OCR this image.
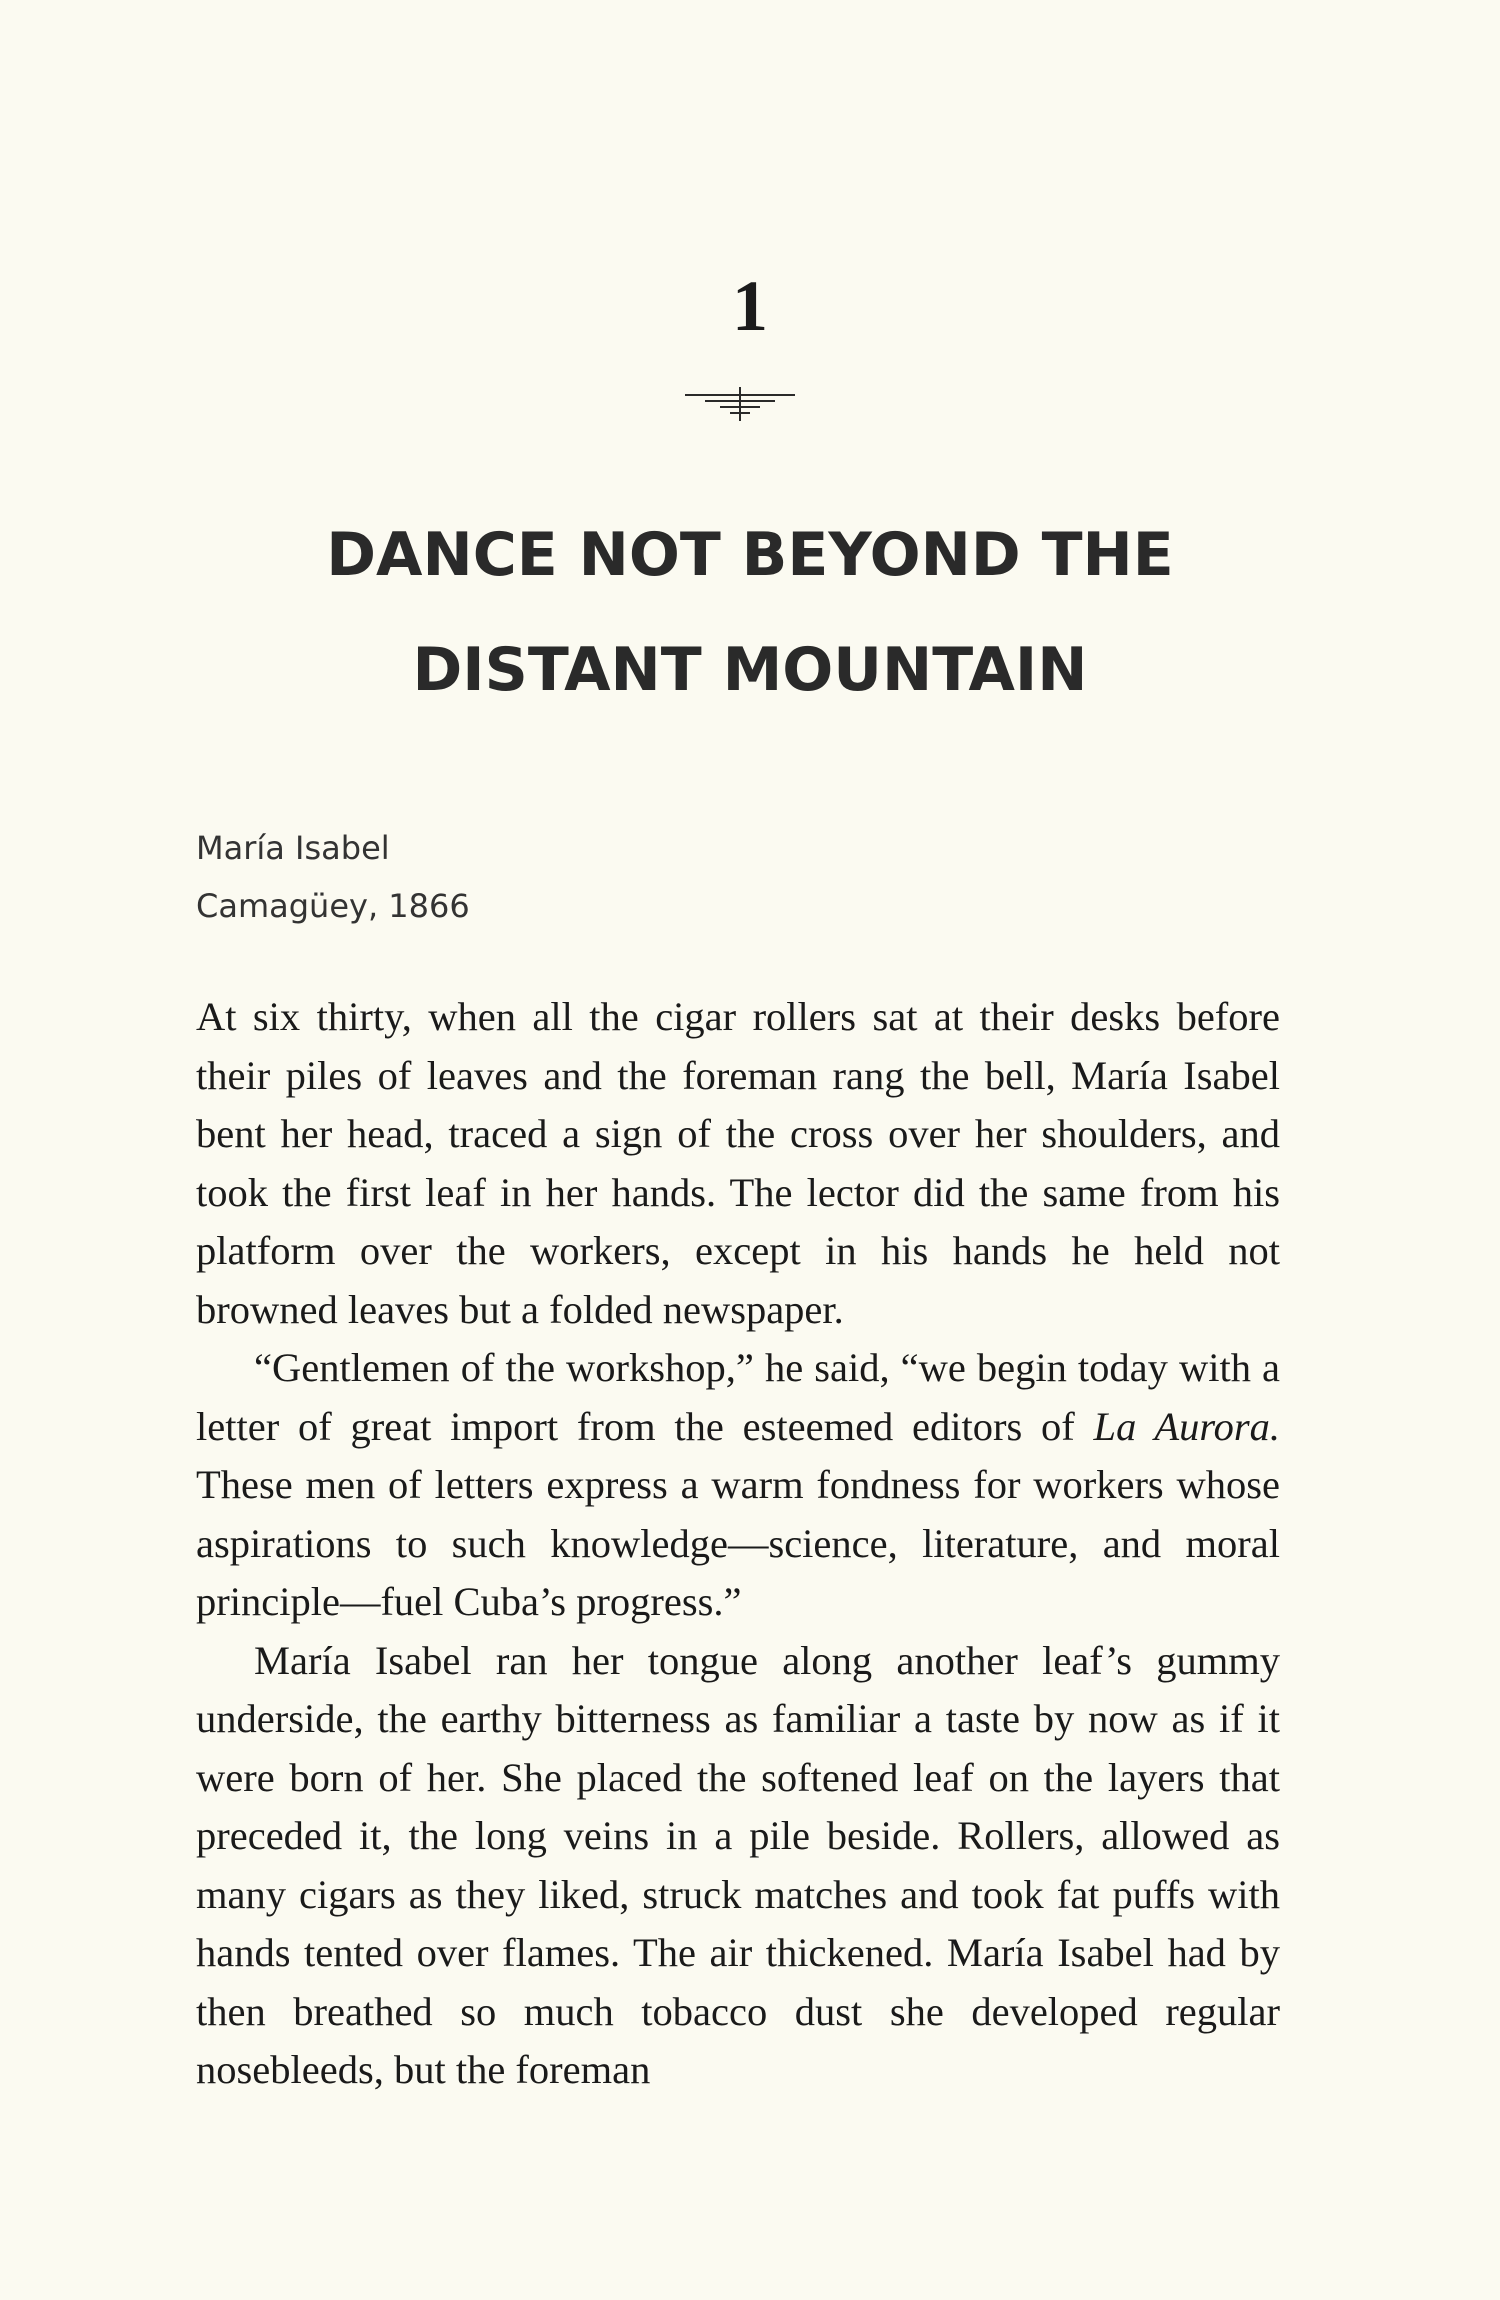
1
DANCE NOT BEYOND THE
DISTANT MOUNTAIN
María Isabel
Camagüey, 1866

At six thirty, when all the cigar rollers sat at their desks before their piles of leaves and the foreman rang the bell, María Isabel bent her head, traced a sign of the cross over her shoulders, and took the first leaf in her hands. The lector did the same from his platform over the workers, except in his hands he held not browned leaves but a folded newspaper.

“Gentlemen of the workshop,” he said, “we begin today with a letter of great import from the esteemed editors of La Aurora. These men of letters express a warm fondness for workers whose aspirations to such knowledge—science, literature, and moral principle—fuel Cuba’s progress.”

María Isabel ran her tongue along another leaf’s gummy underside, the earthy bitterness as familiar a taste by now as if it were born of her. She placed the softened leaf on the layers that preceded it, the long veins in a pile beside. Rollers, allowed as many cigars as they liked, struck matches and took fat puffs with hands tented over flames. The air thickened. María Isabel had by then breathed so much tobacco dust she developed regular nosebleeds, but the foreman
